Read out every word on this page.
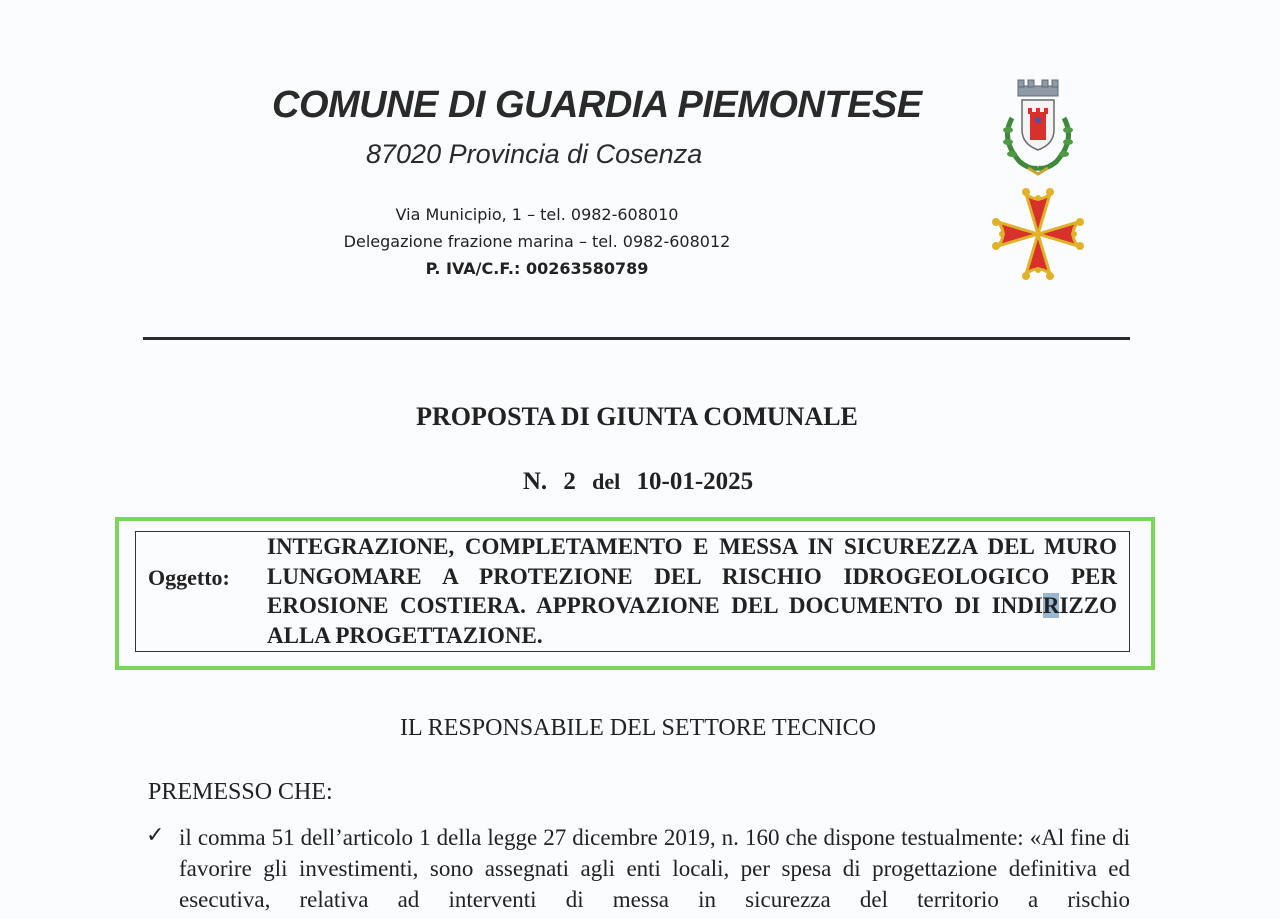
COMUNE DI GUARDIA PIEMONTESE
87020 Provincia di Cosenza
Via Municipio, 1 – tel. 0982-608010
Delegazione frazione marina – tel. 0982-608012
P. IVA/C.F.: 00263580789
✱
PROPOSTA DI GIUNTA COMUNALE
N. 2 del 10-01-2025
Oggetto:
INTEGRAZIONE, COMPLETAMENTO E MESSA IN SICUREZZA DEL MURO LUNGOMARE A PROTEZIONE DEL RISCHIO IDROGEOLOGICO PER EROSIONE COSTIERA. APPROVAZIONE DEL DOCUMENTO DI INDIRIZZO ALLA PROGETTAZIONE.
IL RESPONSABILE DEL SETTORE TECNICO
PREMESSO CHE:
✓ il comma 51 dell’articolo 1 della legge 27 dicembre 2019, n. 160 che dispone testualmente: «Al fine di favorire gli investimenti, sono assegnati agli enti locali, per spesa di progettazione definitiva ed esecutiva, relativa ad interventi di messa in sicurezza del territorio a rischio
